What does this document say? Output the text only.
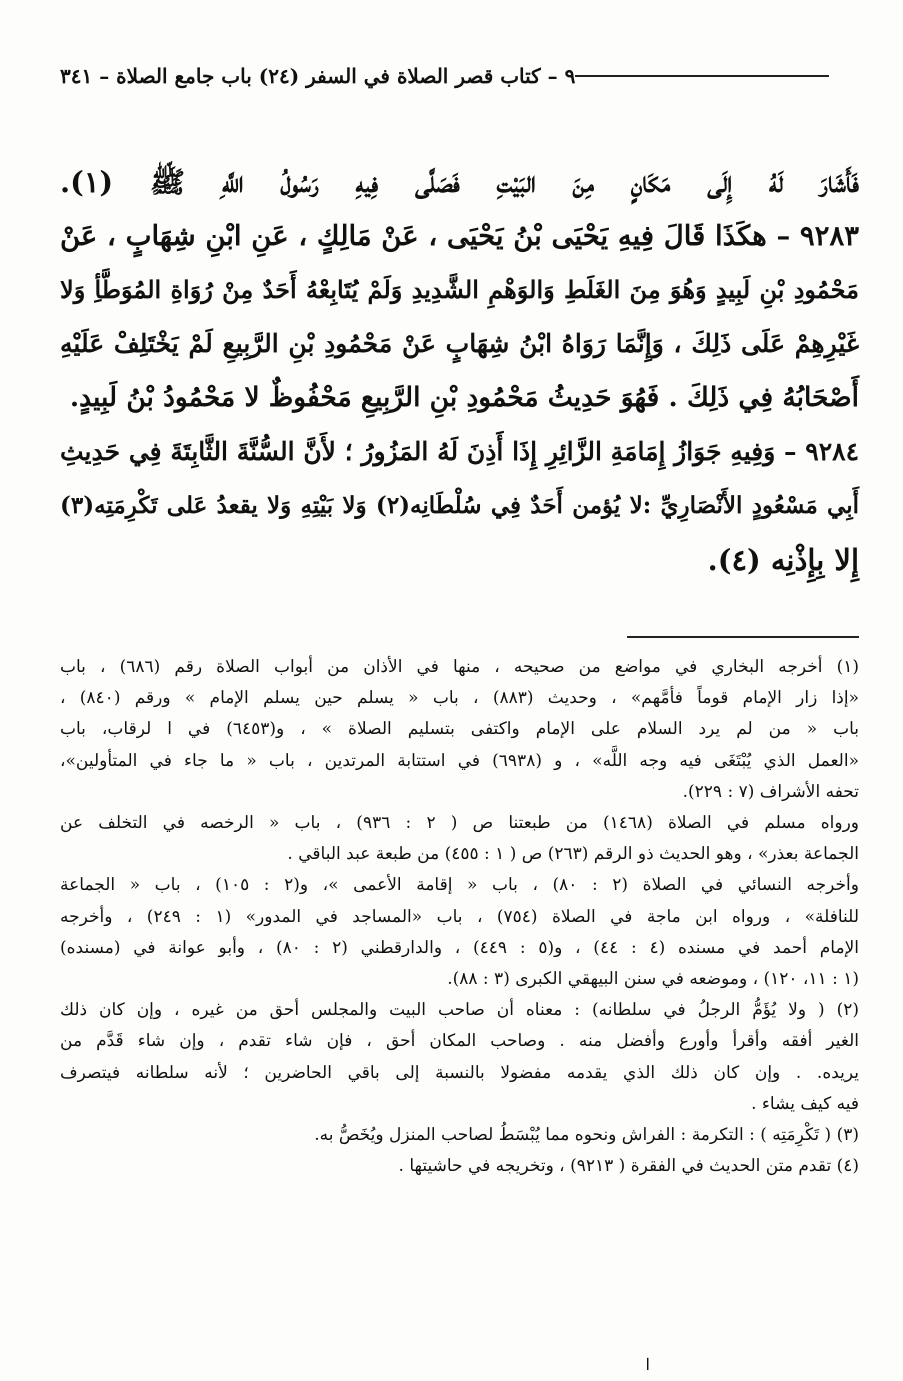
٩ – كتاب قصر الصلاة في السفر (٢٤) باب جامع الصلاة – ٣٤١
فَأَشَارَ لَهُ إِلَى مَكَانٍ مِنَ البَيْتِ فَصَلَّى فِيهِ رَسُولُ اللَّهِ ﷺ (١).
٩٢٨٣ – هكَذَا قَالَ فِيهِ يَحْيَى بْنُ يَحْيَى ، عَنْ مَالِكٍ ، عَنِ ابْنِ شِهَابٍ ، عَنْ
مَحْمُودِ بْنِ لَبِيدٍ وَهُوَ مِنَ الغَلَطِ وَالوَهْمِ الشَّدِيدِ وَلَمْ يُتَابِعْهُ أَحَدٌ مِنْ رُوَاةِ المُوَطَّأِ وَلا
غَيْرِهِمْ عَلَى ذَلِكَ ، وَإِنَّمَا رَوَاهُ ابْنُ شِهَابٍ عَنْ مَحْمُودِ بْنِ الرَّبِيعِ لَمْ يَخْتَلِفْ عَلَيْهِ
أَصْحَابُهُ فِي ذَلِكَ . فَهُوَ حَدِيثُ مَحْمُودِ بْنِ الرَّبِيعِ مَحْفُوظٌ لا مَحْمُودُ بْنُ لَبِيدٍ.
٩٢٨٤ – وَفِيهِ جَوَازُ إِمَامَةِ الزَّائِرِ إِذَا أَذِنَ لَهُ المَزُورُ ؛ لأَنَّ السُّنَّةَ الثَّابِتَةَ فِي حَدِيثِ
أَبِي مَسْعُودٍ الأَنْصَارِيِّ :لا يُؤمن أَحَدٌ فِي سُلْطَانِه(٢) وَلا بَيْتِهِ وَلا يقعدُ عَلى تَكْرِمَتِه(٣)
إِلا بِإِذْنِه (٤).
(١) أخرجه البخاري في مواضع من صحيحه ، منها في الأذان من أبواب الصلاة رقم (٦٨٦) ، باب
«إذا زار الإمام قوماً فأمَّهم» ، وحديث (٨٨٣) ، باب « يسلم حين يسلم الإمام » ورقم (٨٤٠) ،
باب « من لم يرد السلام على الإمام واكتفى بتسليم الصلاة » ، و(٦٤٥٣) في ا لرقاب، باب
«العمل الذي يُبْتَغَى فيه وجه اللَّه» ، و (٦٩٣٨) في استتابة المرتدين ، باب « ما جاء في المتأولين»،
تحفه الأشراف (٧ : ٢٢٩).
ورواه مسلم في الصلاة (١٤٦٨) من طبعتنا ص ( ٢ : ٩٣٦) ، باب « الرخصه في التخلف عن
الجماعة بعذر» ، وهو الحديث ذو الرقم (٢٦٣) ص ( ١ : ٤٥٥) من طبعة عبد الباقي .
وأخرجه النسائي في الصلاة (٢ : ٨٠) ، باب « إقامة الأعمى »، و(٢ : ١٠٥) ، باب « الجماعة
للنافلة» ، ورواه ابن ماجة في الصلاة (٧٥٤) ، باب «المساجد في المدور» (١ : ٢٤٩) ، وأخرجه
الإمام أحمد في مسنده (٤ : ٤٤) ، و(٥ : ٤٤٩) ، والدارقطني (٢ : ٨٠) ، وأبو عوانة في (مسنده)
(١ : ١١، ١٢٠) ، وموضعه في سنن البيهقي الكبرى (٣ : ٨٨).
(٢) ( ولا يُؤَمُّ الرجلُ في سلطانه) : معناه أن صاحب البيت والمجلس أحق من غيره ، وإن كان ذلك
الغير أفقه وأقرأ وأورع وأفضل منه . وصاحب المكان أحق ، فإن شاء تقدم ، وإن شاء قَدَّم من
يريده. . وإن كان ذلك الذي يقدمه مفضولا بالنسبة إلى باقي الحاضرين ؛ لأنه سلطانه فيتصرف
فيه كيف يشاء .
(٣) ( تَكْرِمَتِه ) : التكرمة : الفراش ونحوه مما يُبْسَطُ لصاحب المنزل ويُخَصُّ به.
(٤) تقدم متن الحديث في الفقرة ( ٩٢١٣) ، وتخريجه في حاشيتها .
ا
